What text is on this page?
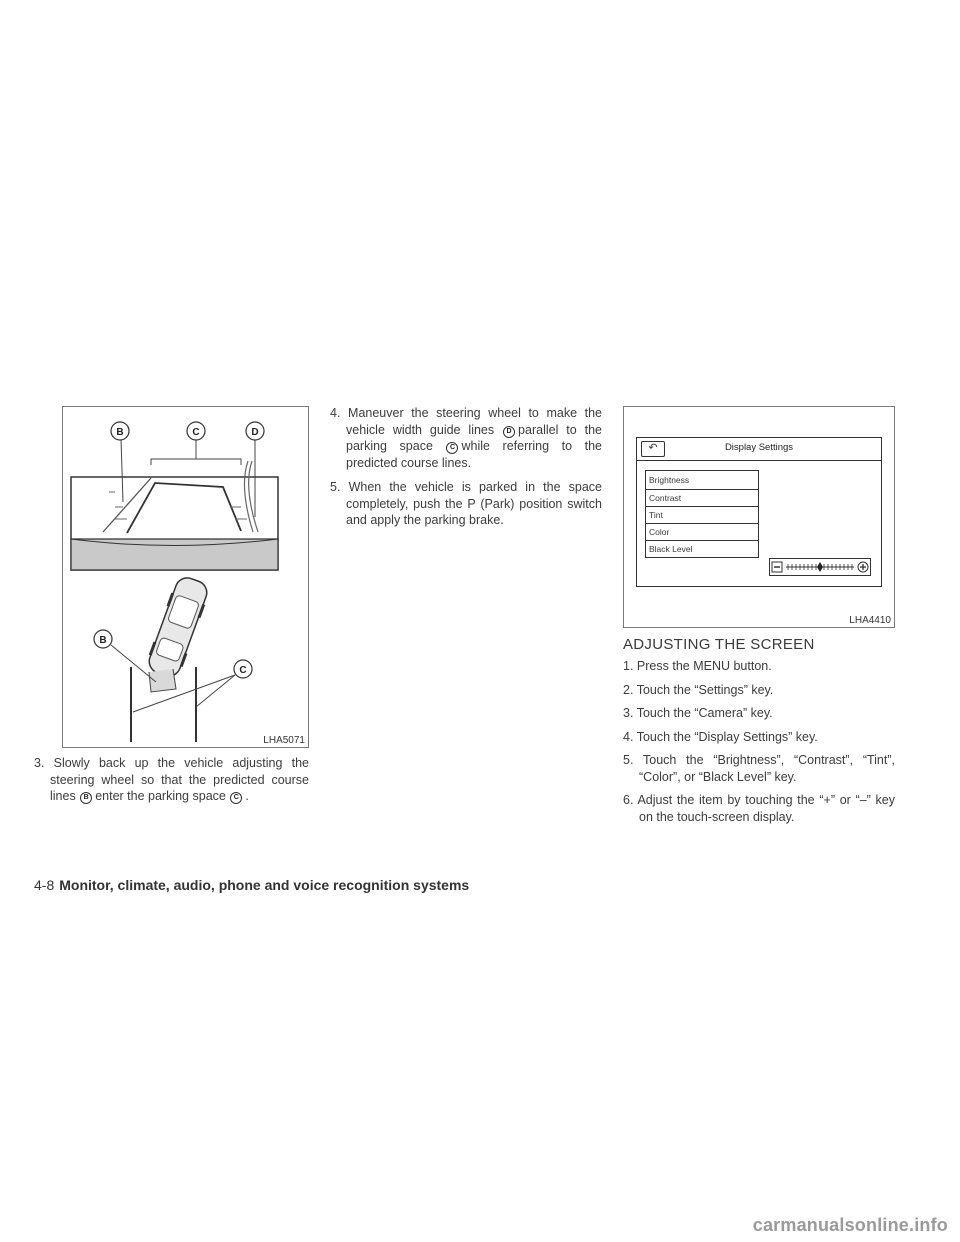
B	C	D
B
C
LHA5071

3. Slowly back up the vehicle adjusting the steering wheel so that the predicted course lines B enter the parking space C .

4. Maneuver the steering wheel to make the vehicle width guide lines D parallel to the parking space C while referring to the predicted course lines.

5. When the vehicle is parked in the space completely, push the P (Park) position switch and apply the parking brake.

↶	Display Settings
Brightness
Contrast
Tint
Color
Black Level
LHA4410
ADJUSTING THE SCREEN

1. Press the MENU button.

2. Touch the “Settings” key.

3. Touch the “Camera” key.

4. Touch the “Display Settings” key.

5. Touch the “Brightness”, “Contrast”, “Tint”, “Color”, or “Black Level” key.

6. Adjust the item by touching the “+” or “–” key on the touch-screen display.

4-8 Monitor, climate, audio, phone and voice recognition systems
carmanualsonline.info
